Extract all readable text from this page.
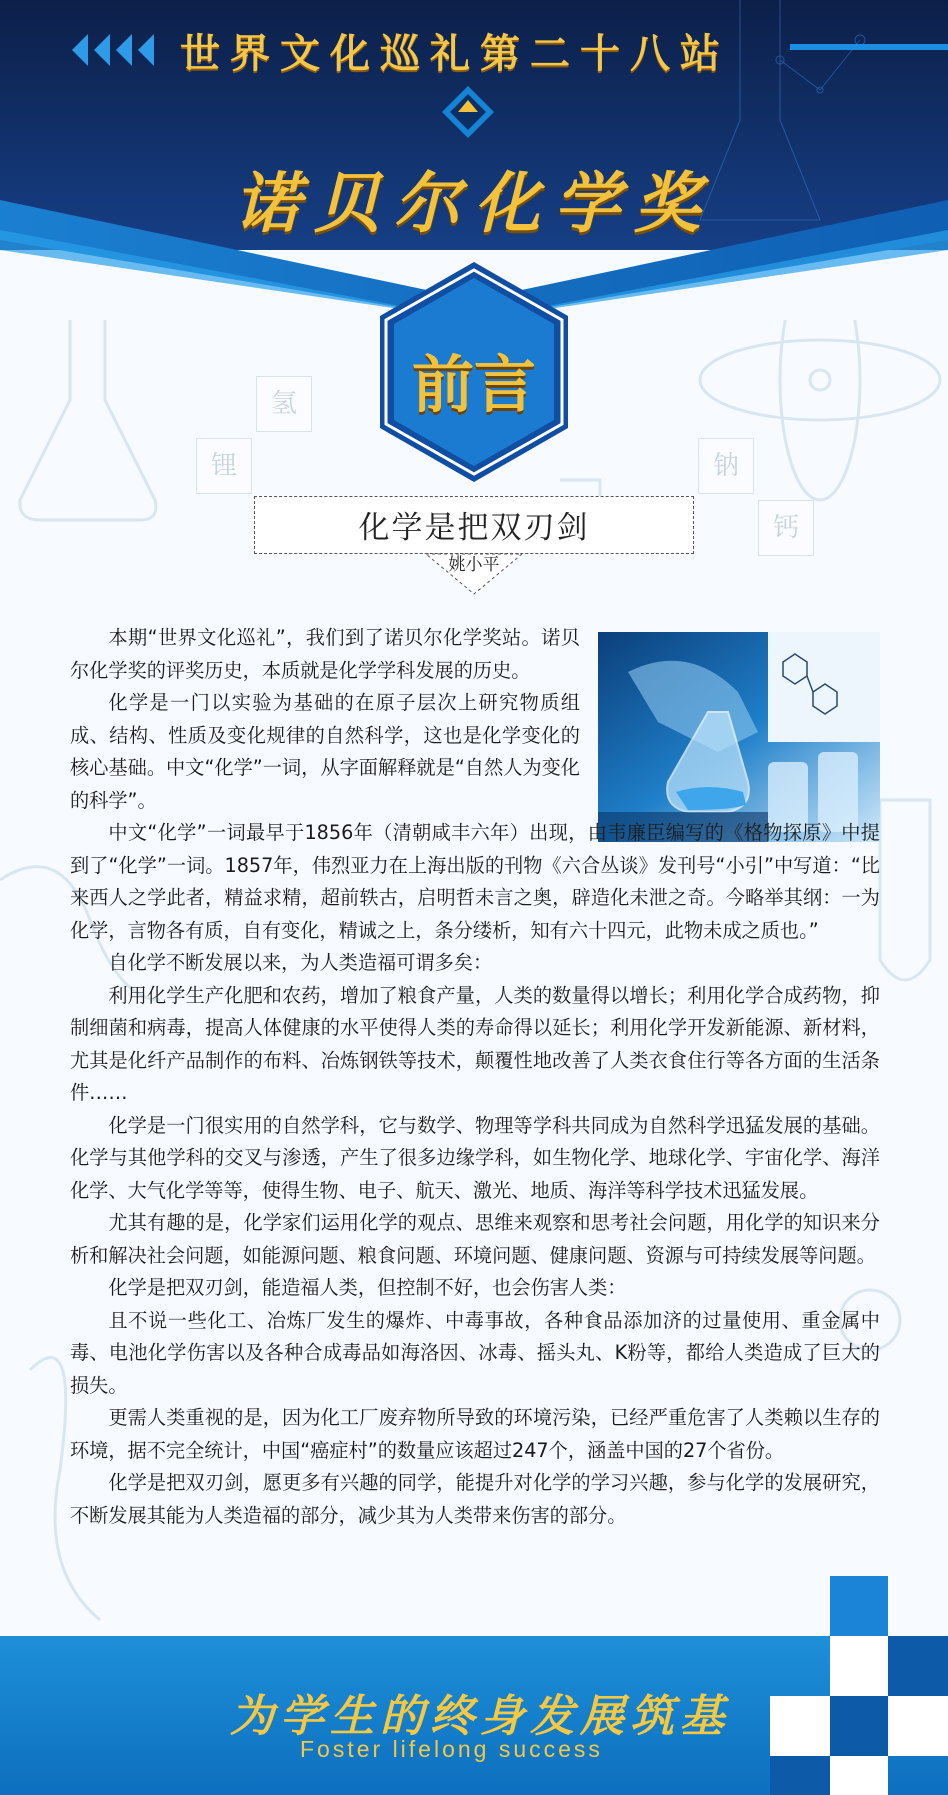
世界文化巡礼第二十八站
诺贝尔化学奖
氢
锂	钠
钙
前言
化学是把双刃剑
姚小平

本期“世界文化巡礼”，我们到了诺贝尔化学奖站。诺贝尔化学奖的评奖历史，本质就是化学学科发展的历史。

化学是一门以实验为基础的在原子层次上研究物质组成、结构、性质及变化规律的自然科学，这也是化学变化的核心基础。中文“化学”一词，从字面解释就是“自然人为变化的科学”。

中文“化学”一词最早于1856年（清朝咸丰六年）出现，由韦廉臣编写的《格物探原》中提到了“化学”一词。1857年，伟烈亚力在上海出版的刊物《六合丛谈》发刊号“小引”中写道：“比来西人之学此者，精益求精，超前轶古，启明哲未言之奥，辟造化未泄之奇。今略举其纲：一为化学，言物各有质，自有变化，精诚之上，条分缕析，知有六十四元，此物未成之质也。”

自化学不断发展以来，为人类造福可谓多矣：

利用化学生产化肥和农药，增加了粮食产量，人类的数量得以增长；利用化学合成药物，抑制细菌和病毒，提高人体健康的水平使得人类的寿命得以延长；利用化学开发新能源、新材料，尤其是化纤产品制作的布料、冶炼钢铁等技术，颠覆性地改善了人类衣食住行等各方面的生活条件……

化学是一门很实用的自然学科，它与数学、物理等学科共同成为自然科学迅猛发展的基础。化学与其他学科的交叉与渗透，产生了很多边缘学科，如生物化学、地球化学、宇宙化学、海洋化学、大气化学等等，使得生物、电子、航天、激光、地质、海洋等科学技术迅猛发展。

尤其有趣的是，化学家们运用化学的观点、思维来观察和思考社会问题，用化学的知识来分析和解决社会问题，如能源问题、粮食问题、环境问题、健康问题、资源与可持续发展等问题。

化学是把双刃剑，能造福人类，但控制不好，也会伤害人类：

且不说一些化工、冶炼厂发生的爆炸、中毒事故，各种食品添加济的过量使用、重金属中毒、电池化学伤害以及各种合成毒品如海洛因、冰毒、摇头丸、K粉等，都给人类造成了巨大的损失。

更需人类重视的是，因为化工厂废弃物所导致的环境污染，已经严重危害了人类赖以生存的环境，据不完全统计，中国“癌症村”的数量应该超过247个，涵盖中国的27个省份。

化学是把双刃剑，愿更多有兴趣的同学，能提升对化学的学习兴趣，参与化学的发展研究，不断发展其能为人类造福的部分，减少其为人类带来伤害的部分。

为学生的终身发展筑基
Foster lifelong success
